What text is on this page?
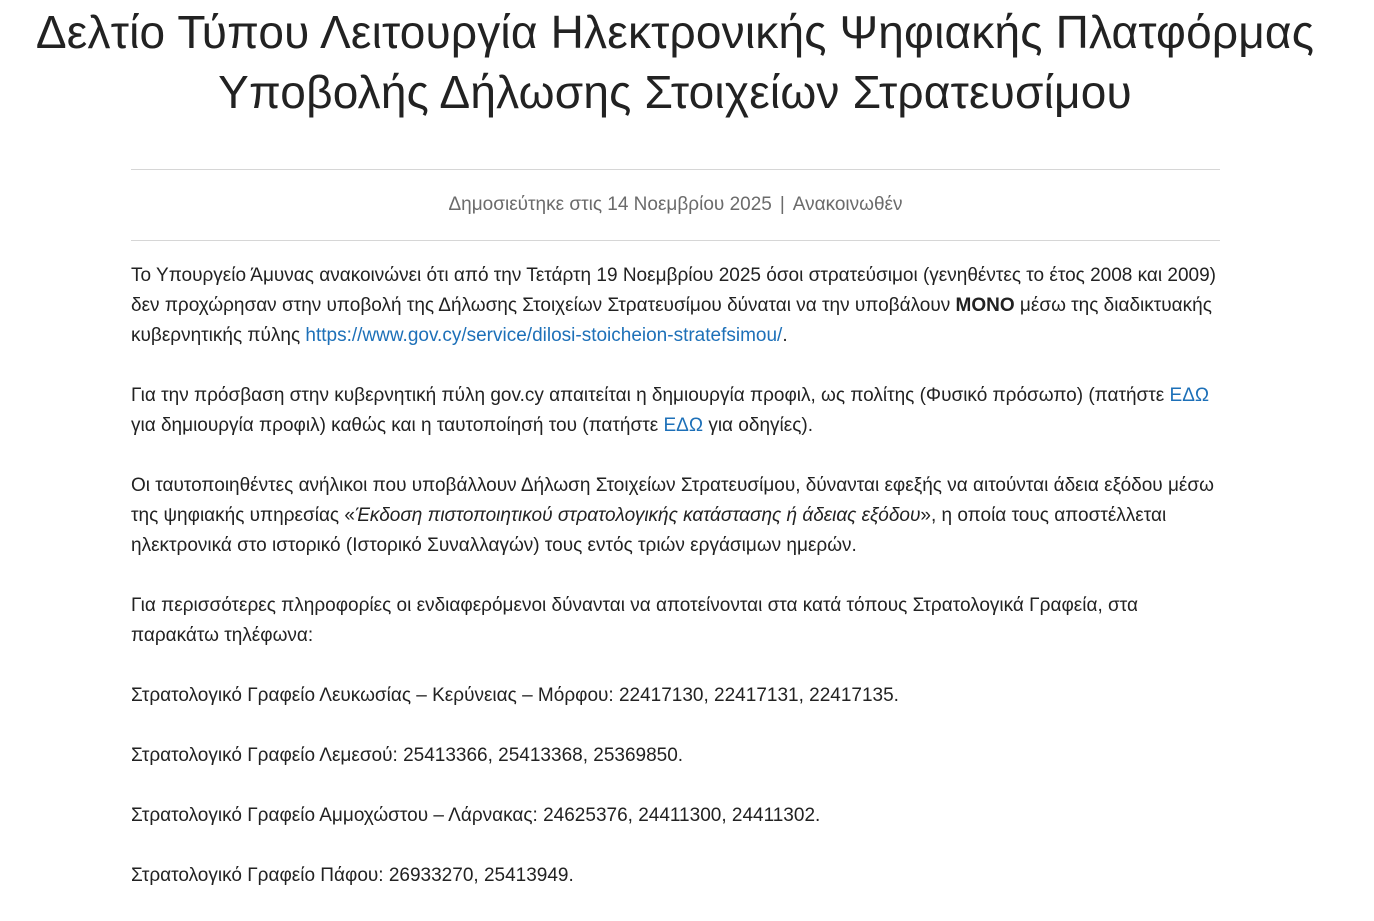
Δελτίο Τύπου Λειτουργία Ηλεκτρονικής Ψηφιακής Πλατφόρμας
Υποβολής Δήλωσης Στοιχείων Στρατευσίμου
Δημοσιεύτηκε στις 14 Νοεμβρίου 2025 | Ανακοινωθέν

Το Υπουργείο Άμυνας ανακοινώνει ότι από την Τετάρτη 19 Νοεμβρίου 2025 όσοι στρατεύσιμοι (γενηθέντες το έτος 2008 και 2009) δεν προχώρησαν στην υποβολή της Δήλωσης Στοιχείων Στρατευσίμου δύναται να την υποβάλουν ΜΟΝΟ μέσω της διαδικτυακής κυβερνητικής πύλης https://www.gov.cy/service/dilosi-stoicheion-stratefsimou/.

Για την πρόσβαση στην κυβερνητική πύλη gov.cy απαιτείται η δημιουργία προφιλ, ως πολίτης (Φυσικό πρόσωπο) (πατήστε ΕΔΩ για δημιουργία προφιλ) καθώς και η ταυτοποίησή του (πατήστε ΕΔΩ για οδηγίες).

Οι ταυτοποιηθέντες ανήλικοι που υποβάλλουν Δήλωση Στοιχείων Στρατευσίμου, δύνανται εφεξής να αιτούνται άδεια εξόδου μέσω της ψηφιακής υπηρεσίας «Έκδοση πιστοποιητικού στρατολογικής κατάστασης ή άδειας εξόδου», η οποία τους αποστέλλεται ηλεκτρονικά στο ιστορικό (Ιστορικό Συναλλαγών) τους εντός τριών εργάσιμων ημερών.

Για περισσότερες πληροφορίες οι ενδιαφερόμενοι δύνανται να αποτείνονται στα κατά τόπους Στρατολογικά Γραφεία, στα παρακάτω τηλέφωνα:

Στρατολογικό Γραφείο Λευκωσίας – Κερύνειας – Μόρφου: 22417130, 22417131, 22417135.

Στρατολογικό Γραφείο Λεμεσού: 25413366, 25413368, 25369850.

Στρατολογικό Γραφείο Αμμοχώστου – Λάρνακας: 24625376, 24411300, 24411302.

Στρατολογικό Γραφείο Πάφου: 26933270, 25413949.
